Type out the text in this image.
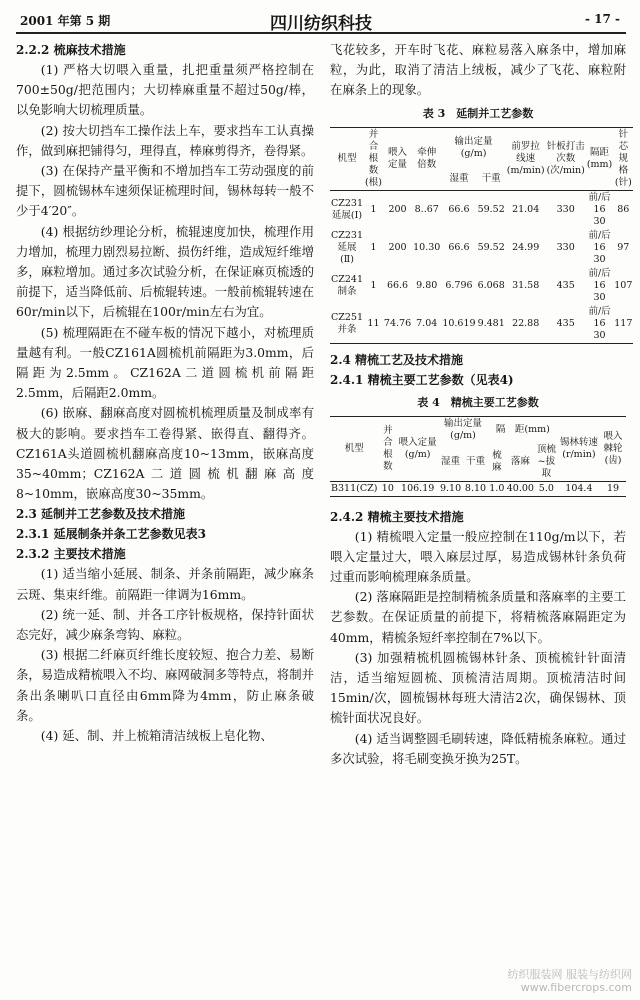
2001 年第 5 期	四川纺织科技	- 17 -

2.2.2 梳麻技术措施

(1) 严格大切喂入重量，扎把重量须严格控制在700±50g/把范围内；大切棒麻重量不超过50g/棒，以免影响大切梳理质量。

(2) 按大切挡车工操作法上车，要求挡车工认真操作，做到麻把铺得匀，理得直，棒麻剪得齐，卷得紧。

(3) 在保持产量平衡和不增加挡车工劳动强度的前提下，圆梳锡林车速须保证梳理时间，锡林每转一般不少于4′20″。

(4) 根据纺纱理论分析，梳辊速度加快，梳理作用力增加，梳理力剧烈易拉断、损伤纤维，造成短纤维增多，麻粒增加。通过多次试验分析，在保证麻页梳透的前提下，适当降低前、后梳辊转速。一般前梳辊转速在60r/min以下，后梳辊在100r/min左右为宜。

(5) 梳理隔距在不碰车板的情况下越小，对梳理质量越有利。一般CZ161A圆梳机前隔距为3.0mm，后隔距为2.5mm。CZ162A二道圆梳机前隔距2.5mm，后隔距2.0mm。

(6) 嵌麻、翻麻高度对圆梳机梳理质量及制成率有极大的影响。要求挡车工卷得紧、嵌得直、翻得齐。CZ161A头道圆梳机翻麻高度10~13mm，嵌麻高度35~40mm；CZ162A二道圆梳机翻麻高度8~10mm，嵌麻高度30~35mm。

2.3 延制并工艺参数及技术措施

2.3.1 延展制条并条工艺参数见表3

2.3.2 主要技术措施

(1) 适当缩小延展、制条、并条前隔距，减少麻条云斑、集束纤维。前隔距一律调为16mm。

(2) 统一延、制、并各工序针板规格，保持针面状态完好，减少麻条弯钩、麻粒。

(3) 根据二纤麻页纤维长度较短、抱合力差、易断条，易造成精梳喂入不均、麻网破洞多等特点，将制并条出条喇叭口直径由6mm降为4mm，防止麻条破条。

(4) 延、制、并上梳箱清洁绒板上皂化物、

飞花较多，开车时飞花、麻粒易落入麻条中，增加麻粒，为此，取消了清洁上绒板，减少了飞花、麻粒附在麻条上的现象。

表 3　延制并工艺参数
机型	并合根数(根)	喂入定量	牵伸倍数	输出定量(g/m)		前罗拉线速(m/min)	针板打击次数(次/min)	隔距(mm)	针芯规格(针)
				湿重	干重				
CZ231延展(Ⅰ)	1	200	8..67	66.6	59.52	21.04	330	前/后16 30	86
CZ231延展(Ⅱ)	1	200	10.30	66.6	59.52	24.99	330	前/后16 30	97
CZ241制条	1	66.6	9.80	6.796	6.068	31.58	435	前/后16 30	107
CZ251并条	11	74.76	7.04	10.619	9.481	22.88	435	前/后16 30	117

2.4 精梳工艺及技术措施

2.4.1 精梳主要工艺参数（见表4)

表 4　精梳主要工艺参数
机型	并合根数	喂入定量(g/m)	输出定量(g/m)		隔　距(mm)			锡林转速(r/min)	喂入棘轮(齿)
			湿重	干重	梳麻	落麻	顶梳~拔取		
B311(CZ)	10	106.19	9.10	8.10	1.0	40.00	5.0	104.4	19

2.4.2 精梳主要技术措施

(1) 精梳喂入定量一般应控制在110g/m以下，若喂入定量过大，喂入麻层过厚，易造成锡林针条负荷过重而影响梳理麻条质量。

(2) 落麻隔距是控制精梳条质量和落麻率的主要工艺参数。在保证质量的前提下，将精梳落麻隔距定为40mm，精梳条短纤率控制在7%以下。

(3) 加强精梳机圆梳锡林针条、顶梳梳针针面清洁，适当缩短圆梳、顶梳清洁周期。顶梳清洁时间15min/次，圆梳锡林每班大清洁2次，确保锡林、顶梳针面状况良好。

(4) 适当调整圆毛刷转速，降低精梳条麻粒。通过多次试验，将毛刷变换牙换为25T。

纺织服装网 服装与纺织网
www.fibercrops.com
